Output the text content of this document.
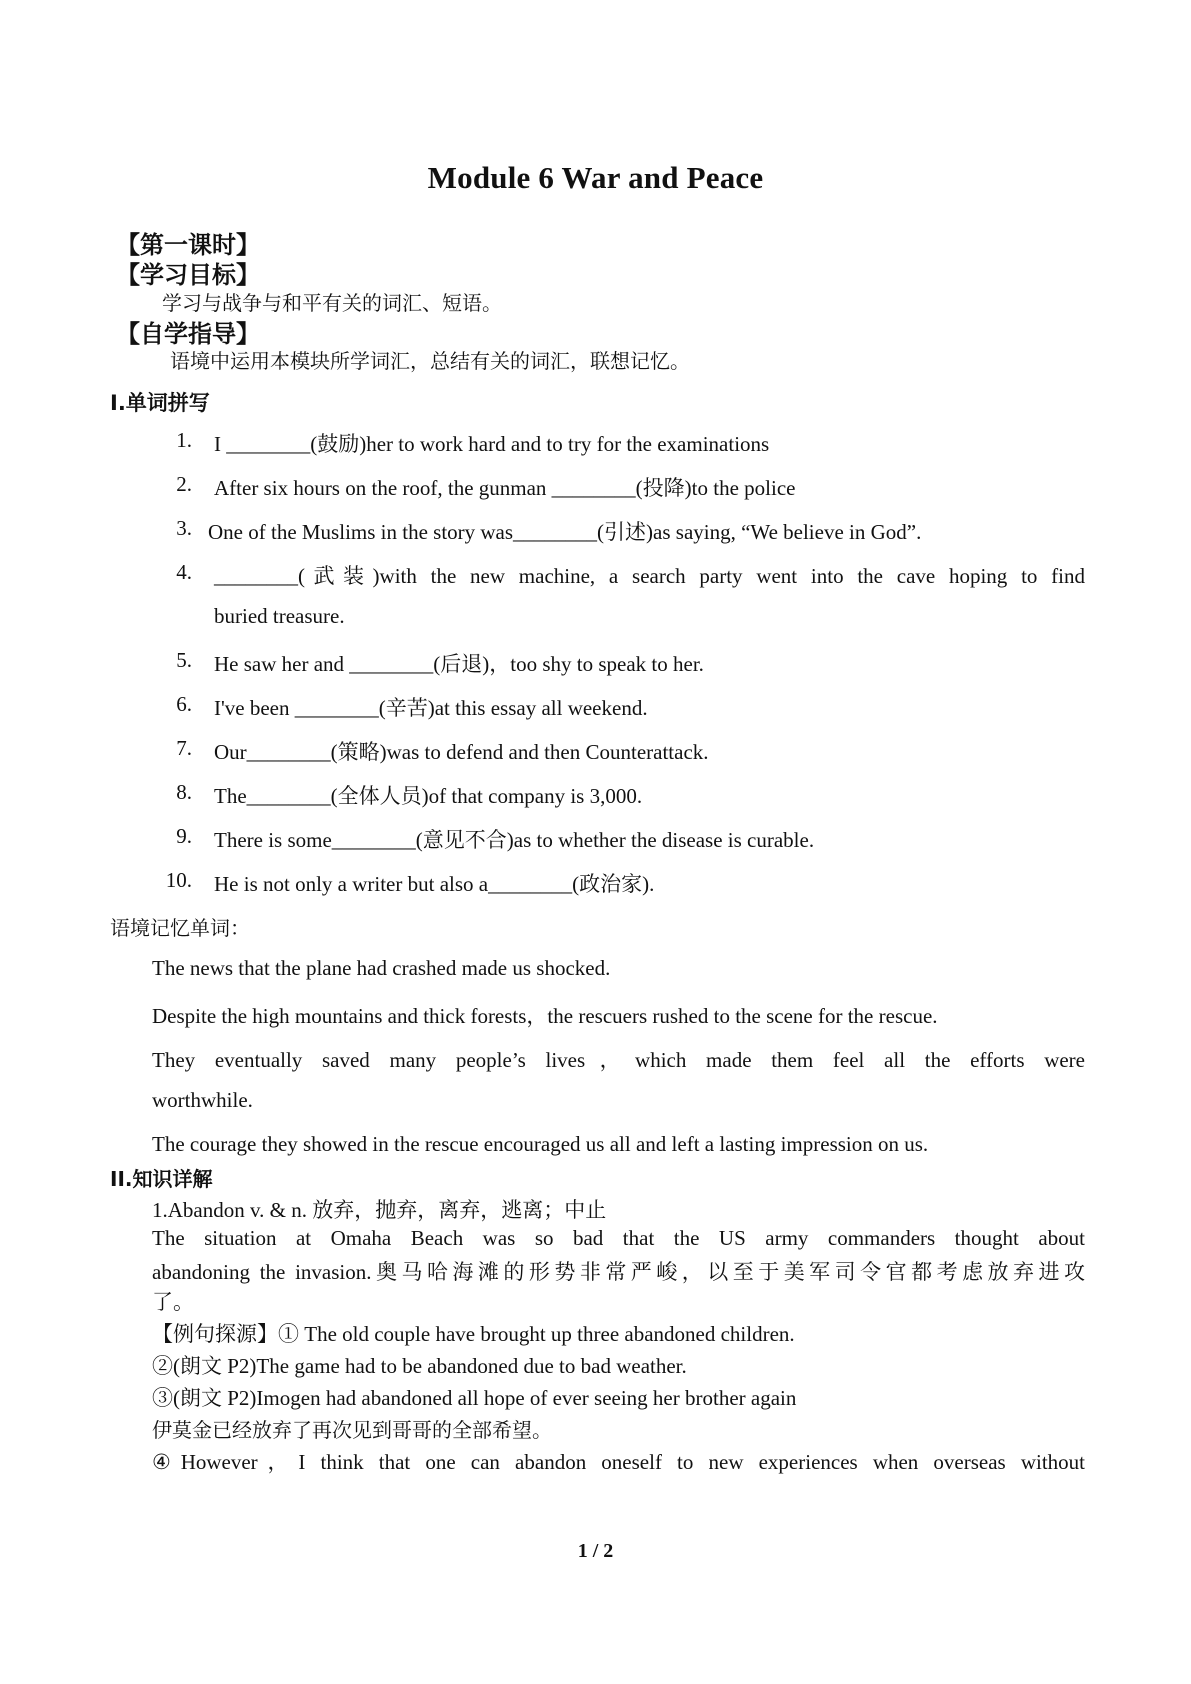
Module 6 War and Peace
【第一课时】
【学习目标】
学习与战争与和平有关的词汇、短语。
【自学指导】
语境中运用本模块所学词汇，总结有关的词汇，联想记忆。
Ⅰ.单词拼写
1. I ________(鼓励)her to work hard and to try for the examinations
2. After six hours on the roof, the gunman ________(投降)to the police
3. One of the Muslims in the story was________(引述)as saying, “We believe in God”.
4. ________(武装)with the new machine, a search party went into the cave hoping to find
buried treasure.
5. He saw her and ________(后退)，too shy to speak to her.
6. I've been ________(辛苦)at this essay all weekend.
7. Our________(策略)was to defend and then Counterattack.
8. The________(全体人员)of that company is 3,000.
9. There is some________(意见不合)as to whether the disease is curable.
10. He is not only a writer but also a________(政治家).
语境记忆单词：
The news that the plane had crashed made us shocked.
Despite the high mountains and thick forests，the rescuers rushed to the scene for the rescue.
They eventually saved many people’s lives，which made them feel all the efforts were
worthwhile.
The courage they showed in the rescue encouraged us all and left a lasting impression on us.
II.知识详解
1.Abandon v. & n. 放弃，抛弃，离弃，逃离；中止
The situation at Omaha Beach was so bad that the US army commanders thought about
abandoning the invasion.奥马哈海滩的形势非常严峻，以至于美军司令官都考虑放弃进攻
了。
【例句探源】① The old couple have brought up three abandoned children.
②(朗文 P2)The game had to be abandoned due to bad weather.
③(朗文 P2)Imogen had abandoned all hope of ever seeing her brother again
伊莫金已经放弃了再次见到哥哥的全部希望。
④However，I think that one can abandon oneself to new experiences when overseas without
1 / 2
